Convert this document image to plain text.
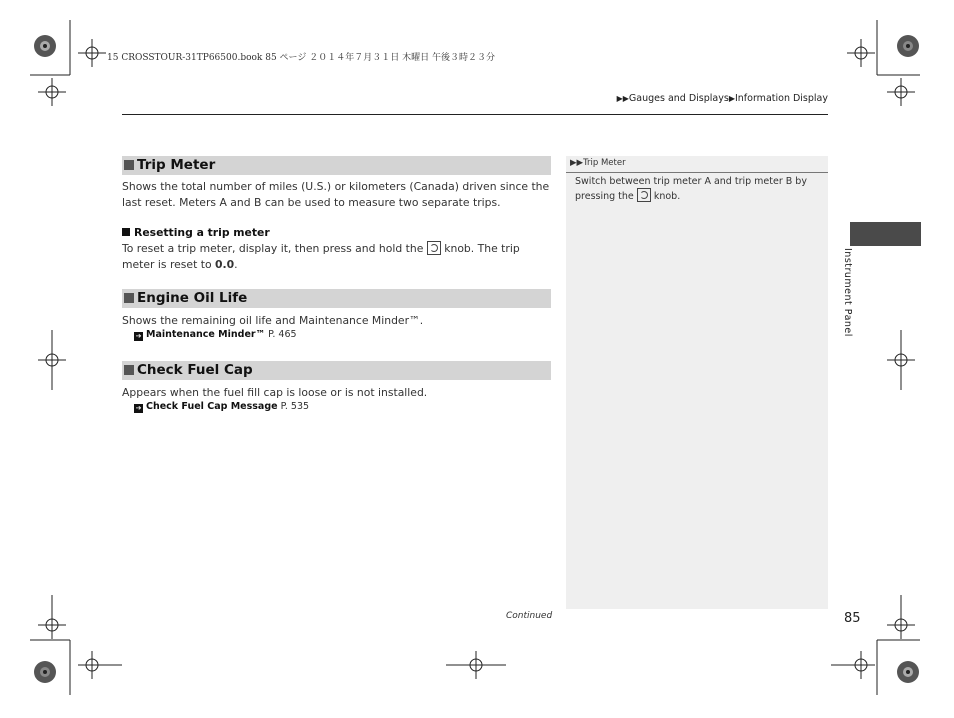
15 CROSSTOUR-31TP66500.book 85 ページ ２０１４年７月３１日 木曜日 午後３時２３分
▶▶Gauges and Displays▶Information Display
Trip Meter
Shows the total number of miles (U.S.) or kilometers (Canada) driven since the last reset. Meters A and B can be used to measure two separate trips.
Resetting a trip meter
To reset a trip meter, display it, then press and hold the knob. The trip meter is reset to 0.0.
Engine Oil Life
Shows the remaining oil life and Maintenance Minder™.
➔ Maintenance Minder™ P. 465
Check Fuel Cap
Appears when the fuel fill cap is loose or is not installed.
➔ Check Fuel Cap Message P. 535
▶▶Trip Meter
Switch between trip meter A and trip meter B by pressing the knob.
Instrument Panel
Continued	85
